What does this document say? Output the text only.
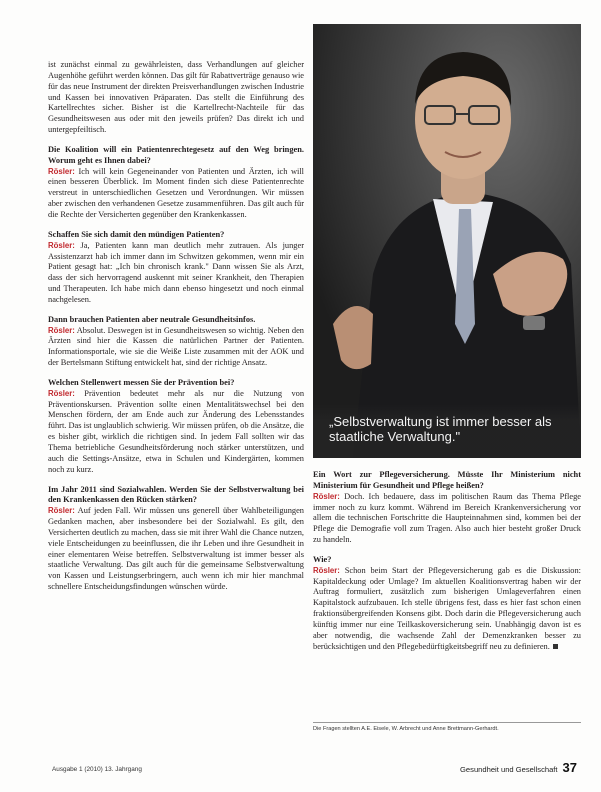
ist zunächst einmal zu gewährleisten, dass Verhandlungen auf gleicher Augenhöhe geführt werden können. Das gilt für Rabattverträge genauso wie für das neue Instrument der direkten Preisverhandlungen zwischen Industrie und Kassen bei innovativen Präparaten. Das stellt die Einführung des Kartellrechtes sicher. Bisher ist die Kartellrecht-Nachteile für das Gesundheitswesen aus oder mit den jeweils prüfen? Das direkt ich und untergepfeiltisch.

Die Koalition will ein Patientenrechtegesetz auf den Weg bringen. Worum geht es Ihnen dabei?

Rösler: Ich will kein Gegeneinander von Patienten und Ärzten, ich will einen besseren Überblick. Im Moment finden sich diese Patientenrechte verstreut in unterschiedlichen Gesetzen und Verordnungen. Wir müssen aber zwischen den verhandenen Gesetze zusammenführen. Das gilt auch für die Rechte der Versicherten gegenüber den Krankenkassen.

Schaffen Sie sich damit den mündigen Patienten?

Rösler: Ja, Patienten kann man deutlich mehr zutrauen. Als junger Assistenzarzt hab ich immer dann im Schwitzen gekommen, wenn mir ein Patient gesagt hat: „Ich bin chronisch krank." Dann wissen Sie als Arzt, dass der sich hervorragend auskennt mit seiner Krankheit, den Therapien und Therapeuten. Ich habe mich dann ebenso hingesetzt und noch einmal nachgelesen.

Dann brauchen Patienten aber neutrale Gesundheitsinfos.

Rösler: Absolut. Deswegen ist in Gesundheitswesen so wichtig. Neben den Ärzten sind hier die Kassen die natürlichen Partner der Patienten. Informationsportale, wie sie die Weiße Liste zusammen mit der AOK und der Bertelsmann Stiftung entwickelt hat, sind der richtige Ansatz.

Welchen Stellenwert messen Sie der Prävention bei?

Rösler: Prävention bedeutet mehr als nur die Nutzung von Präventionskursen. Prävention sollte einen Mentalitätswechsel bei den Menschen fördern, der am Ende auch zur Änderung des Lebensstandes führt. Das ist unglaublich schwierig. Wir müssen prüfen, ob die Ansätze, die es bisher gibt, wirklich die richtigen sind. In jedem Fall sollten wir das Thema betriebliche Gesundheitsförderung noch stärker unterstützen, und auch die Settings-Ansätze, etwa in Schulen und Kindergärten, kommen noch zu kurz.

Im Jahr 2011 sind Sozialwahlen. Werden Sie der Selbstverwaltung bei den Krankenkassen den Rücken stärken?

Rösler: Auf jeden Fall. Wir müssen uns generell über Wahlbeteiligungen Gedanken machen, aber insbesondere bei der Sozialwahl. Es gilt, den Versicherten deutlich zu machen, dass sie mit ihrer Wahl die Chance nutzen, viele Entscheidungen zu beeinflussen, die ihr Leben und ihre Gesundheit in einer elementaren Weise betreffen. Selbstverwaltung ist immer besser als staatliche Verwaltung. Das gilt auch für die gemeinsame Selbstverwaltung von Kassen und Leistungserbringern, auch wenn ich mir hier manchmal schnellere Entscheidungsfindungen wünschen würde.

„Selbstverwaltung ist immer besser als staatliche Verwaltung."

Ein Wort zur Pflegeversicherung. Müsste Ihr Ministerium nicht Ministerium für Gesundheit und Pflege heißen?

Rösler: Doch. Ich bedauere, dass im politischen Raum das Thema Pflege immer noch zu kurz kommt. Während im Bereich Krankenversicherung vor allem die technischen Fortschritte die Haupteinnahmen sind, kommen bei der Pflege die Demografie voll zum Tragen. Also auch hier besteht großer Druck zu handeln.

Wie?

Rösler: Schon beim Start der Pflegeversicherung gab es die Diskussion: Kapitaldeckung oder Umlage? Im aktuellen Koalitionsvertrag haben wir der Auftrag formuliert, zusätzlich zum bisherigen Umlageverfahren einen Kapitalstock aufzubauen. Ich stelle übrigens fest, dass es hier fast schon einen fraktionsübergreifenden Konsens gibt. Doch darin die Pflegeversicherung auch künftig immer nur eine Teilkaskoversicherung sein. Unabhängig davon ist es aber notwendig, die wachsende Zahl der Demenzkranken besser zu berücksichtigen und den Pflegebedürftigkeitsbegriff neu zu definieren.

Die Fragen stellten A.E. Eisele, W. Arbrecht und Anne Brettmann-Gerhardt.
Ausgabe 1 (2010) 13. Jahrgang	Gesundheit und Gesellschaft 37
